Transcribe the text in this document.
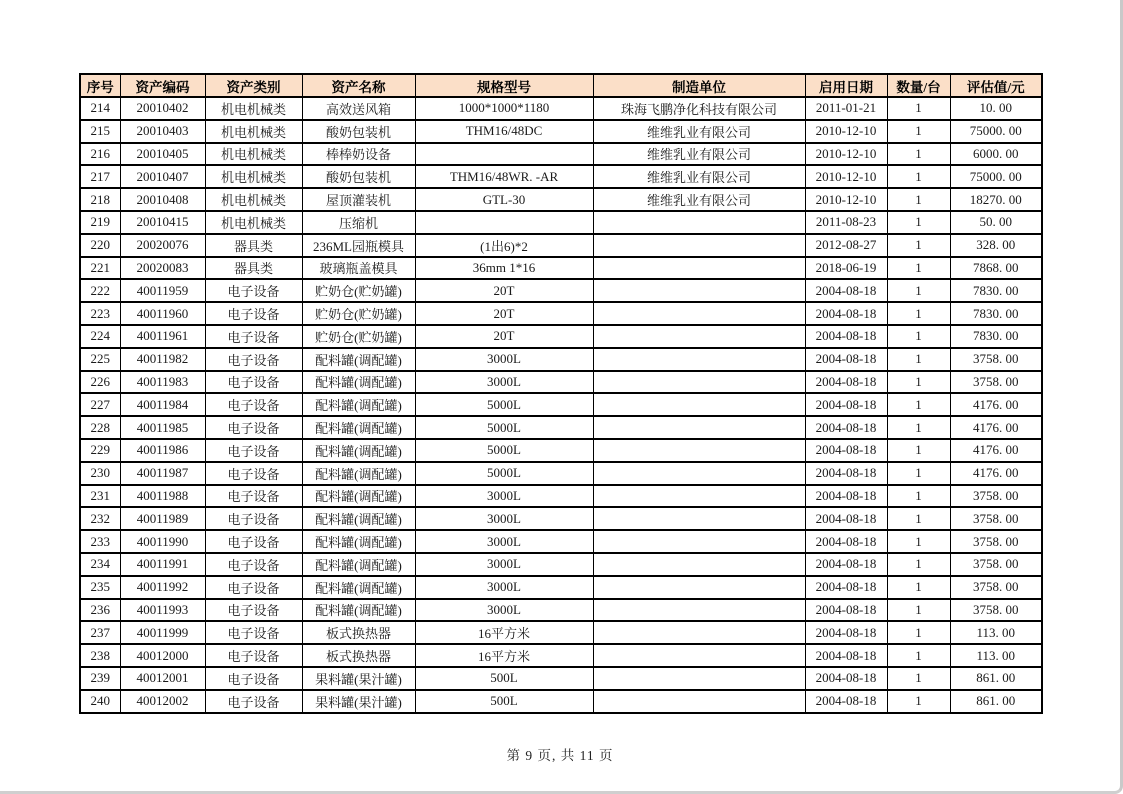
序号	资产编码	资产类别	资产名称	规格型号	制造单位	启用日期	数量/台	评估值/元
214	20010402	机电机械类	高效送风箱	1000*1000*1180	珠海飞鹏净化科技有限公司	2011-01-21	1	10. 00
215	20010403	机电机械类	酸奶包装机	THM16/48DC	维维乳业有限公司	2010-12-10	1	75000. 00
216	20010405	机电机械类	棒棒奶设备		维维乳业有限公司	2010-12-10	1	6000. 00
217	20010407	机电机械类	酸奶包装机	THM16/48WR. -AR	维维乳业有限公司	2010-12-10	1	75000. 00
218	20010408	机电机械类	屋顶灌装机	GTL-30	维维乳业有限公司	2010-12-10	1	18270. 00
219	20010415	机电机械类	压缩机			2011-08-23	1	50. 00
220	20020076	器具类	236ML园瓶模具	(1出6)*2		2012-08-27	1	328. 00
221	20020083	器具类	玻璃瓶盖模具	36mm 1*16		2018-06-19	1	7868. 00
222	40011959	电子设备	贮奶仓(贮奶罐)	20T		2004-08-18	1	7830. 00
223	40011960	电子设备	贮奶仓(贮奶罐)	20T		2004-08-18	1	7830. 00
224	40011961	电子设备	贮奶仓(贮奶罐)	20T		2004-08-18	1	7830. 00
225	40011982	电子设备	配料罐(调配罐)	3000L		2004-08-18	1	3758. 00
226	40011983	电子设备	配料罐(调配罐)	3000L		2004-08-18	1	3758. 00
227	40011984	电子设备	配料罐(调配罐)	5000L		2004-08-18	1	4176. 00
228	40011985	电子设备	配料罐(调配罐)	5000L		2004-08-18	1	4176. 00
229	40011986	电子设备	配料罐(调配罐)	5000L		2004-08-18	1	4176. 00
230	40011987	电子设备	配料罐(调配罐)	5000L		2004-08-18	1	4176. 00
231	40011988	电子设备	配料罐(调配罐)	3000L		2004-08-18	1	3758. 00
232	40011989	电子设备	配料罐(调配罐)	3000L		2004-08-18	1	3758. 00
233	40011990	电子设备	配料罐(调配罐)	3000L		2004-08-18	1	3758. 00
234	40011991	电子设备	配料罐(调配罐)	3000L		2004-08-18	1	3758. 00
235	40011992	电子设备	配料罐(调配罐)	3000L		2004-08-18	1	3758. 00
236	40011993	电子设备	配料罐(调配罐)	3000L		2004-08-18	1	3758. 00
237	40011999	电子设备	板式换热器	16平方米		2004-08-18	1	113. 00
238	40012000	电子设备	板式换热器	16平方米		2004-08-18	1	113. 00
239	40012001	电子设备	果料罐(果汁罐)	500L		2004-08-18	1	861. 00
240	40012002	电子设备	果料罐(果汁罐)	500L		2004-08-18	1	861. 00
第 9 页, 共 11 页
